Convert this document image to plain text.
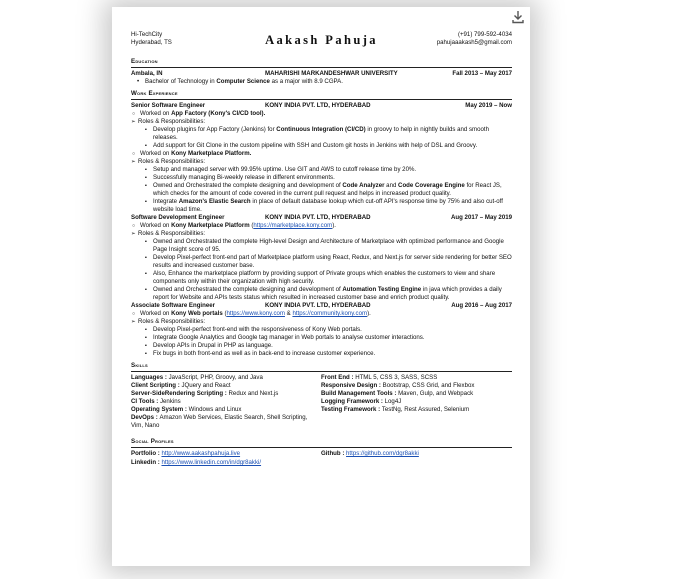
Hi-TechCity
Hyderabad, TS	Aakash Pahuja	(+91) 799-592-4034
pahujaaakash5@gmail.com
Education
Ambala, IN	MAHARISHI MARKANDESHWAR UNIVERSITY	Fall 2013 – May 2017
• Bachelor of Technology in Computer Science as a major with 8.9 CGPA.
Work Experience
Senior Software Engineer	KONY INDIA PVT. LTD, HYDERABAD	May 2019 – Now
○ Worked on App Factory (Kony's CI/CD tool).
➢ Roles & Responsibilities:
▪ Develop plugins for App Factory (Jenkins) for Continuous Integration (CI/CD) in groovy to help in nightly builds and smooth releases.
▪ Add support for Git Clone in the custom pipeline with SSH and Custom git hosts in Jenkins with help of DSL and Groovy.
○ Worked on Kony Marketplace Platform.
➢ Roles & Responsibilities:
▪ Setup and managed server with 99.95% uptime. Use GIT and AWS to cutoff release time by 20%.
▪ Successfully managing Bi-weekly release in different environments.
▪ Owned and Orchestrated the complete designing and development of Code Analyzer and Code Coverage Engine for React JS, which checks for the amount of code covered in the current pull request and helps in increased product quality.
▪ Integrate Amazon's Elastic Search in place of default database lookup which cut-off API's response time by 75% and also cut-off website load time.
Software Development Engineer	KONY INDIA PVT. LTD, HYDERABAD	Aug 2017 – May 2019
○ Worked on Kony Marketplace Platform (https://marketplace.kony.com).
➢ Roles & Responsibilities:
▪ Owned and Orchestrated the complete High-level Design and Architecture of Marketplace with optimized performance and Google Page Insight score of 95.
▪ Develop Pixel-perfect front-end part of Marketplace platform using React, Redux, and Next.js for server side rendering for better SEO results and increased customer base.
▪ Also, Enhance the marketplace platform by providing support of Private groups which enables the customers to view and share components only within their organization with high security.
▪ Owned and Orchestrated the complete designing and development of Automation Testing Engine in java which provides a daily report for Website and APIs tests status which resulted in increased customer base and enrich product quality.
Associate Software Engineer	KONY INDIA PVT. LTD, HYDERABAD	Aug 2016 – Aug 2017
○ Worked on Kony Web portals (https://www.kony.com & https://community.kony.com).
➢ Roles & Responsibilities:
▪ Develop Pixel-perfect front-end with the responsiveness of Kony Web portals.
▪ Integrate Google Analytics and Google tag manager in Web portals to analyse customer interactions.
▪ Develop APIs in Drupal in PHP as language.
▪ Fix bugs in both front-end as well as in back-end to increase customer experience.
Skills
Languages : JavaScript, PHP, Groovy, and Java
Client Scripting : JQuery and React
Server-SideRendering Scripting : Redux and Next.js
CI Tools : Jenkins
Operating System : Windows and Linux
DevOps : Amazon Web Services, Elastic Search, Shell Scripting, Vim, Nano
Front End : HTML 5, CSS 3, SASS, SCSS
Responsive Design : Bootstrap, CSS Grid, and Flexbox
Build Management Tools : Maven, Gulp, and Webpack
Logging Framework : Log4J
Testing Framework : TestNg, Rest Assured, Selenium
Social Profiles
Portfolio : http://www.aakashpahuja.live
Linkedin : https://www.linkedin.com/in/dgr8akki/
Github : https://github.com/dgr8akki
